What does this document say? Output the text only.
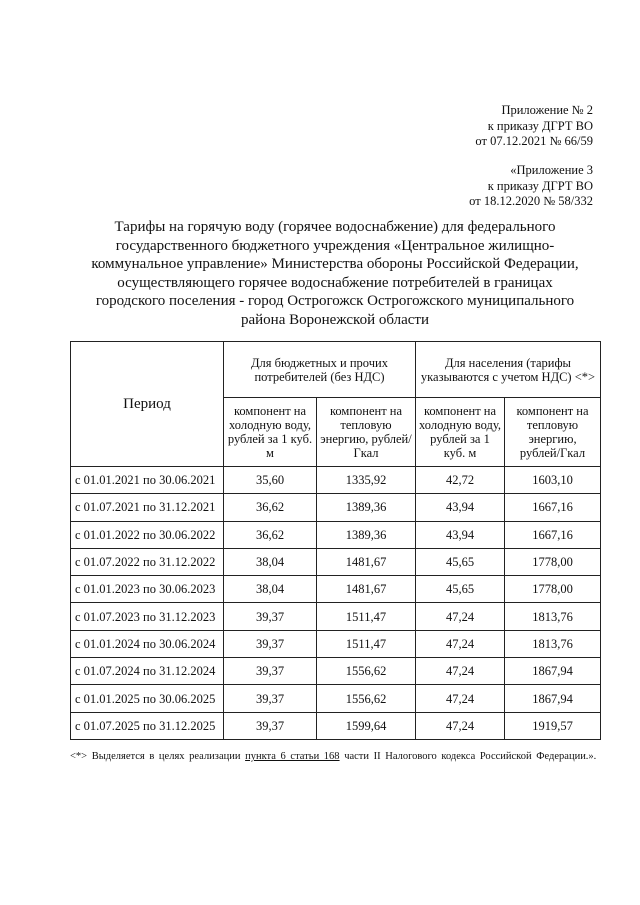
Приложение № 2
к приказу ДГРТ ВО
от 07.12.2021 № 66/59
«Приложение 3
к приказу ДГРТ ВО
от 18.12.2020 № 58/332
Тарифы на горячую воду (горячее водоснабжение) для федерального
государственного бюджетного учреждения «Центральное жилищно-
коммунальное управление» Министерства обороны Российской Федерации,
осуществляющего горячее водоснабжение потребителей в границах
городского поселения - город Острогожск Острогожского муниципального
района Воронежской области
Период	Для бюджетных и прочих потребителей (без НДС)		Для населения (тарифы указываются с учетом НДС) <*>	
	компонент на холодную воду, рублей за 1 куб. м	компонент на тепловую энергию, рублей/Гкал	компонент на холодную воду, рублей за 1 куб. м	компонент на тепловую энергию, рублей/Гкал
с 01.01.2021 по 30.06.2021	35,60	1335,92	42,72	1603,10
с 01.07.2021 по 31.12.2021	36,62	1389,36	43,94	1667,16
с 01.01.2022 по 30.06.2022	36,62	1389,36	43,94	1667,16
с 01.07.2022 по 31.12.2022	38,04	1481,67	45,65	1778,00
с 01.01.2023 по 30.06.2023	38,04	1481,67	45,65	1778,00
с 01.07.2023 по 31.12.2023	39,37	1511,47	47,24	1813,76
с 01.01.2024 по 30.06.2024	39,37	1511,47	47,24	1813,76
с 01.07.2024 по 31.12.2024	39,37	1556,62	47,24	1867,94
с 01.01.2025 по 30.06.2025	39,37	1556,62	47,24	1867,94
с 01.07.2025 по 31.12.2025	39,37	1599,64	47,24	1919,57
<*> Выделяется в целях реализации пункта 6 статьи 168 части II Налогового кодекса Российской Федерации.».
